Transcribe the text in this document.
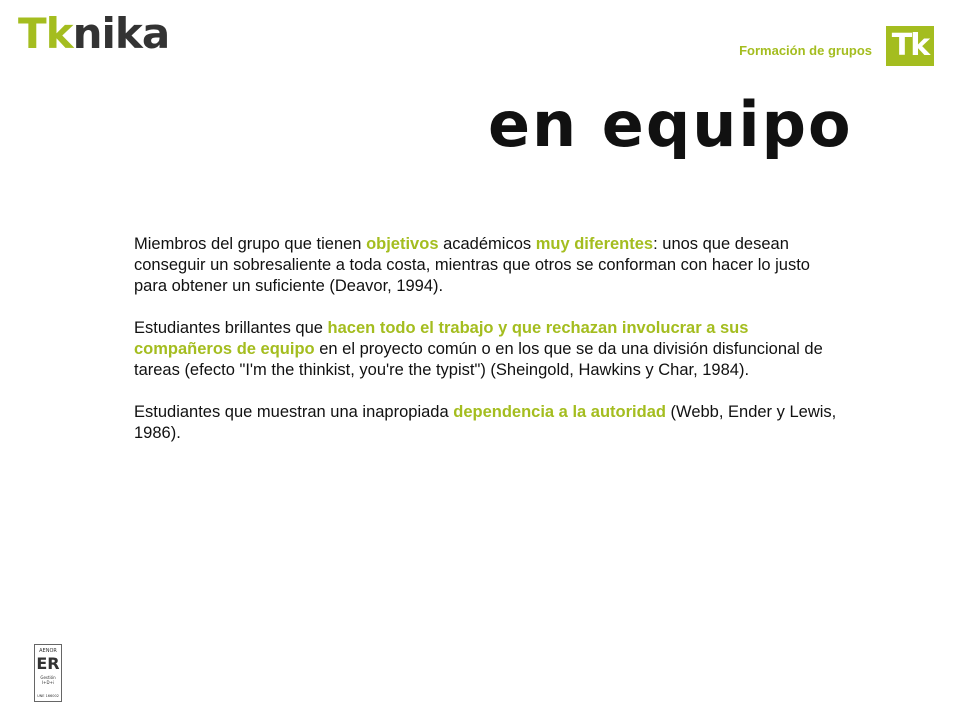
Tknika	Formación de grupos Tk
en equipo

Miembros del grupo que tienen objetivos académicos muy diferentes: unos que desean conseguir un sobresaliente a toda costa, mientras que otros se conforman con hacer lo justo para obtener un suficiente (Deavor, 1994).

Estudiantes brillantes que hacen todo el trabajo y que rechazan involucrar a sus compañeros de equipo en el proyecto común o en los que se da una división disfuncional de tareas (efecto "I'm the thinkist, you're the typist") (Sheingold, Hawkins y Char, 1984).

Estudiantes que muestran una inapropiada dependencia a la autoridad (Webb, Ender y Lewis, 1986).

AENOR
ER
Gestión
I+D+i
UNE 166002
